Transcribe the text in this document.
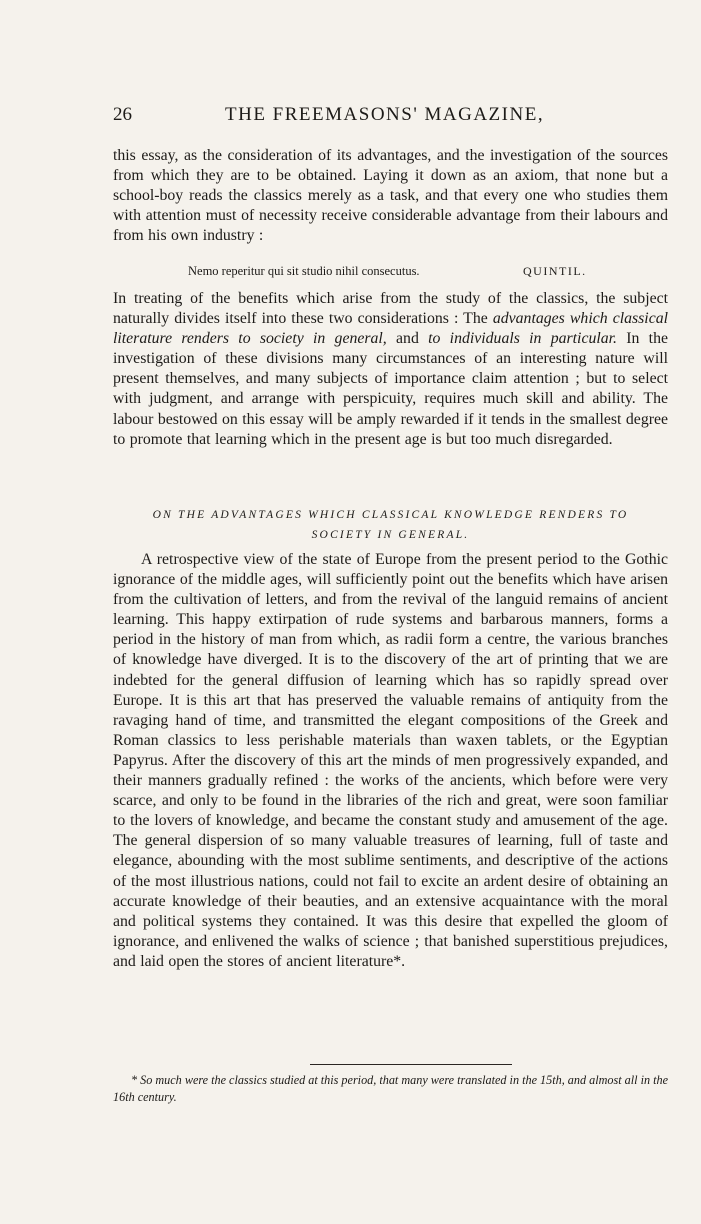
26	THE FREEMASONS' MAGAZINE,
this essay, as the consideration of its advantages, and the investigation of the sources from which they are to be obtained. Laying it down as an axiom, that none but a school-boy reads the classics merely as a task, and that every one who studies them with attention must of necessity receive considerable advantage from their labours and from his own industry :
Nemo reperitur qui sit studio nihil consecutus.	QUINTIL.
In treating of the benefits which arise from the study of the classics, the subject naturally divides itself into these two considerations : The advantages which classical literature renders to society in general, and to individuals in particular. In the investigation of these divisions many circumstances of an interesting nature will present themselves, and many subjects of importance claim attention ; but to select with judgment, and arrange with perspicuity, requires much skill and ability. The labour bestowed on this essay will be amply rewarded if it tends in the smallest degree to promote that learning which in the present age is but too much disregarded.
ON THE ADVANTAGES WHICH CLASSICAL KNOWLEDGE RENDERS TO
SOCIETY IN GENERAL.
A retrospective view of the state of Europe from the present period to the Gothic ignorance of the middle ages, will sufficiently point out the benefits which have arisen from the cultivation of letters, and from the revival of the languid remains of ancient learning. This happy extirpation of rude systems and barbarous manners, forms a period in the history of man from which, as radii form a centre, the various branches of knowledge have diverged. It is to the discovery of the art of printing that we are indebted for the general diffusion of learning which has so rapidly spread over Europe. It is this art that has preserved the valuable remains of antiquity from the ravaging hand of time, and transmitted the elegant compositions of the Greek and Roman classics to less perishable materials than waxen tablets, or the Egyptian Papyrus. After the discovery of this art the minds of men progressively expanded, and their manners gradually refined : the works of the ancients, which before were very scarce, and only to be found in the libraries of the rich and great, were soon familiar to the lovers of knowledge, and became the constant study and amusement of the age. The general dispersion of so many valuable treasures of learning, full of taste and elegance, abounding with the most sublime sentiments, and descriptive of the actions of the most illustrious nations, could not fail to excite an ardent desire of obtaining an accurate knowledge of their beauties, and an extensive acquaintance with the moral and political systems they contained. It was this desire that expelled the gloom of ignorance, and enlivened the walks of science ; that banished superstitious prejudices, and laid open the stores of ancient literature*.
* So much were the classics studied at this period, that many were translated in the 15th, and almost all in the 16th century.
